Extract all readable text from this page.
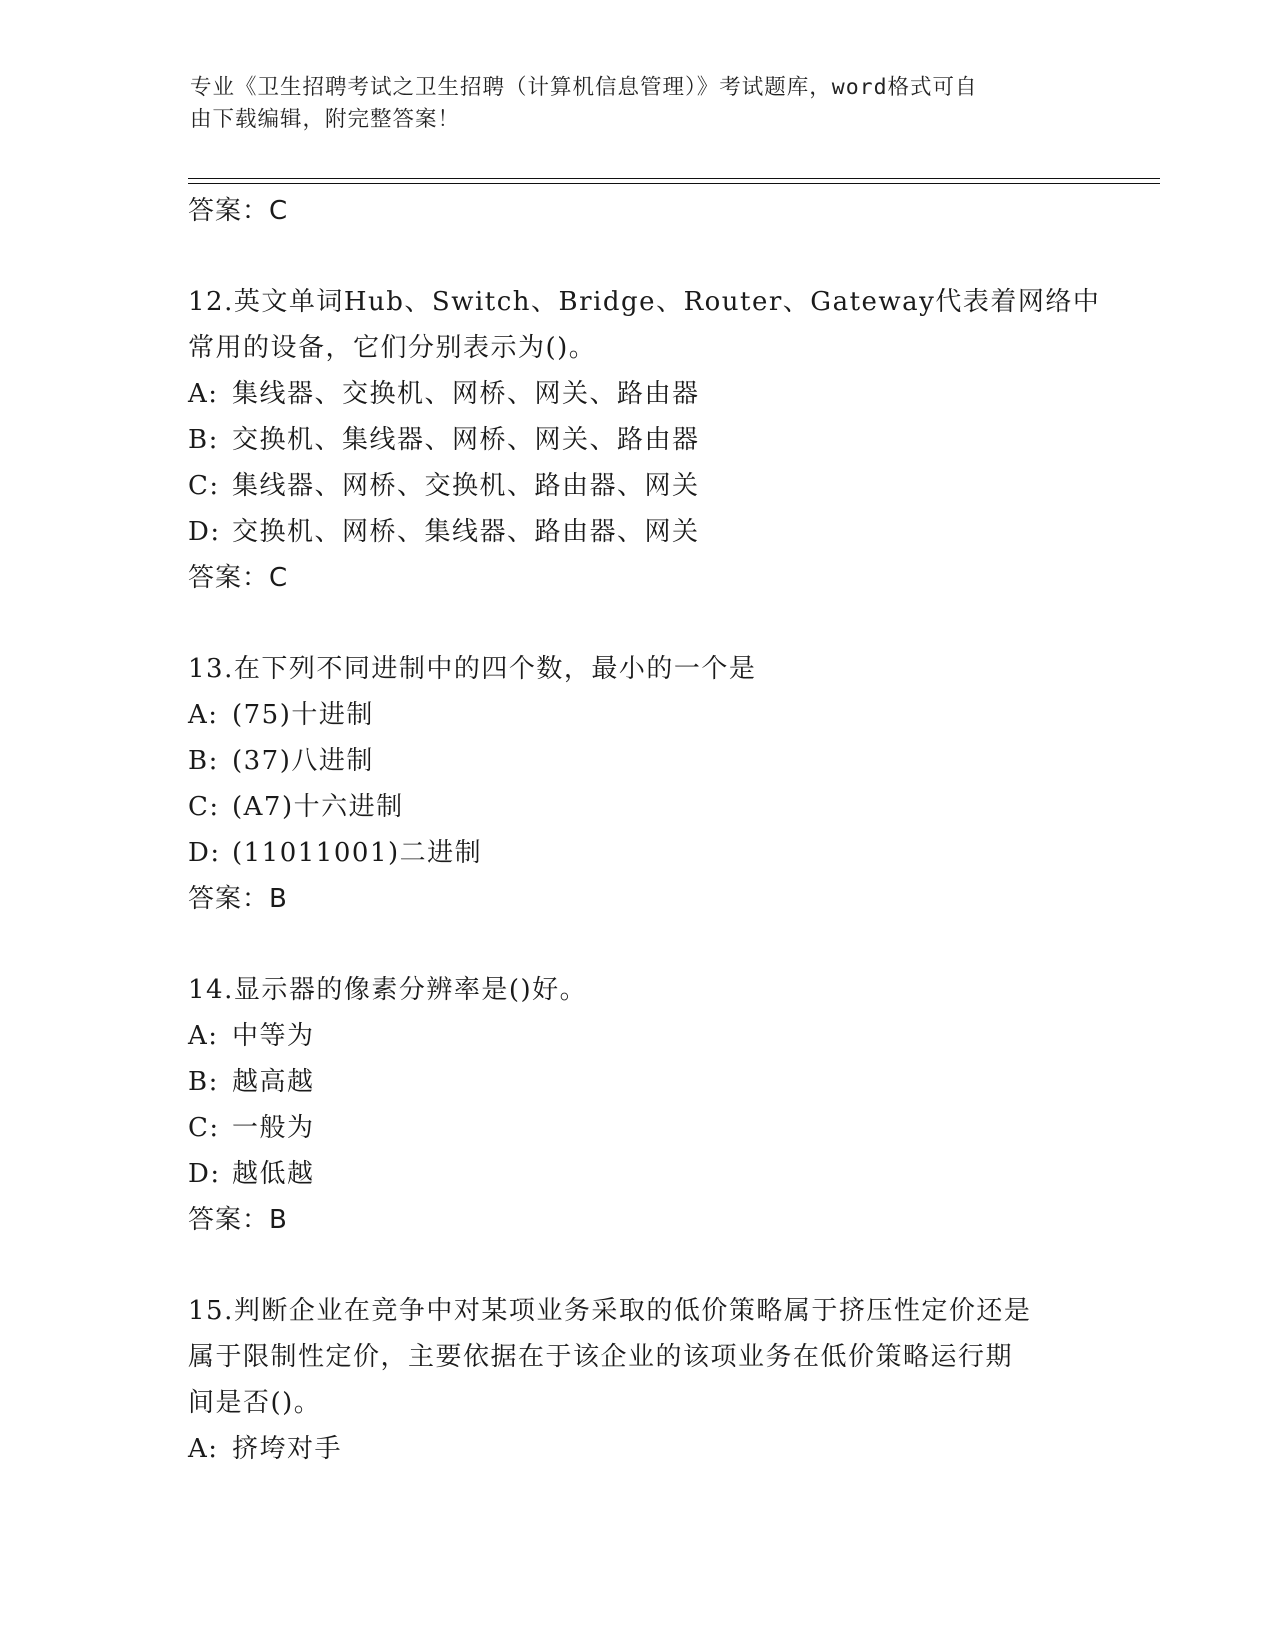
专业《卫生招聘考试之卫生招聘（计算机信息管理）》考试题库，word格式可自
由下载编辑，附完整答案！
答案：C
12.英文单词Hub、Switch、Bridge、Router、Gateway代表着网络中
常用的设备，它们分别表示为()。
A: 集线器、交换机、网桥、网关、路由器
B: 交换机、集线器、网桥、网关、路由器
C: 集线器、网桥、交换机、路由器、网关
D: 交换机、网桥、集线器、路由器、网关
答案：C
13.在下列不同进制中的四个数，最小的一个是
A: (75)十进制
B: (37)八进制
C: (A7)十六进制
D: (11011001)二进制
答案：B
14.显示器的像素分辨率是()好。
A: 中等为
B: 越高越
C: 一般为
D: 越低越
答案：B
15.判断企业在竞争中对某项业务采取的低价策略属于挤压性定价还是
属于限制性定价，主要依据在于该企业的该项业务在低价策略运行期
间是否()。
A: 挤垮对手
